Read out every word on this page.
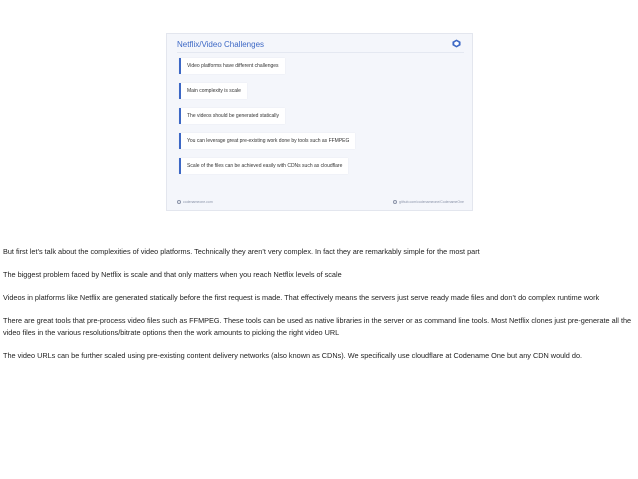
Netflix/Video Challenges
Video platforms have different challenges
Main complexity is scale
The videos should be generated statically
You can leverage great pre-existing work done by tools such as FFMPEG
Scale of the files can be achieved easily with CDNs such as cloudflare
codenameone.com	github.com/codenameone/CodenameOne

But first let’s talk about the complexities of video platforms. Technically they aren’t very complex. In fact they are remarkably simple for the most part

The biggest problem faced by Netflix is scale and that only matters when you reach Netflix levels of scale

Videos in platforms like Netflix are generated statically before the first request is made. That effectively means the servers just serve ready made files and don’t do complex runtime work

There are great tools that pre-process video files such as FFMPEG. These tools can be used as native libraries in the server or as command line tools. Most Netflix clones just pre-generate all the video files in the various resolutions/bitrate options then the work amounts to picking the right video URL

The video URLs can be further scaled using pre-existing content delivery networks (also known as CDNs). We specifically use cloudflare at Codename One but any CDN would do.
